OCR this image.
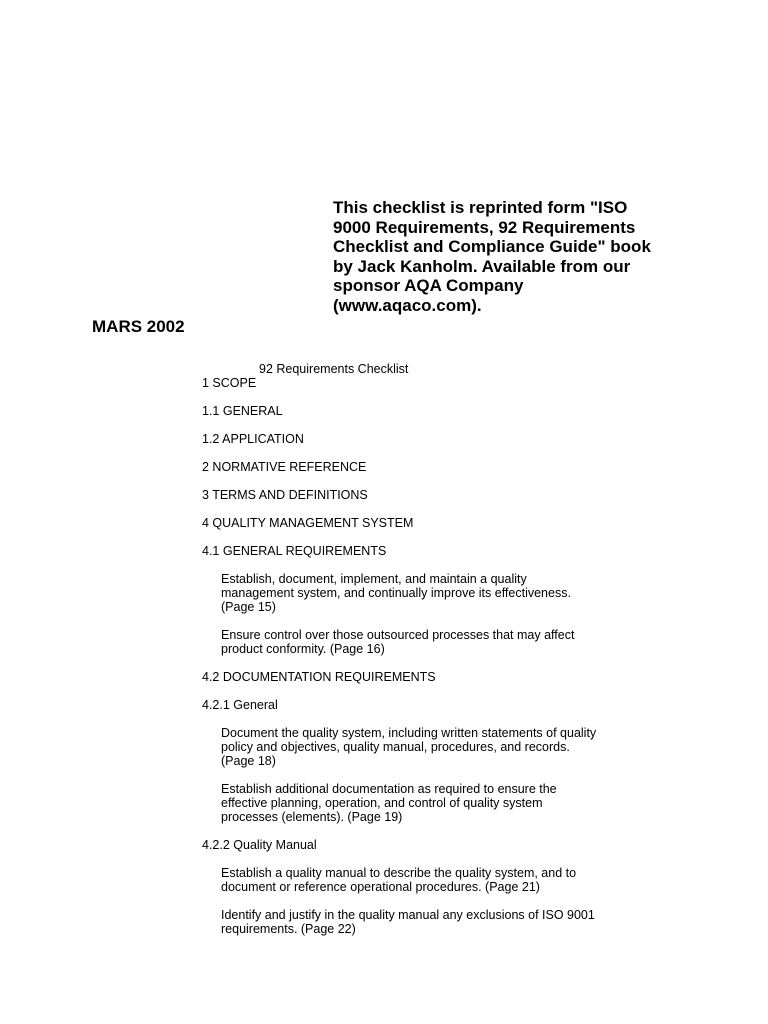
This checklist is reprinted form "ISO
9000 Requirements, 92 Requirements
Checklist and Compliance Guide" book
by Jack Kanholm. Available from our
sponsor AQA Company
(www.aqaco.com).

MARS 2002

92 Requirements Checklist

1 SCOPE

1.1 GENERAL

1.2 APPLICATION

2 NORMATIVE REFERENCE

3 TERMS AND DEFINITIONS

4 QUALITY MANAGEMENT SYSTEM

4.1 GENERAL REQUIREMENTS

Establish, document, implement, and maintain a quality
management system, and continually improve its effectiveness.
(Page 15)

Ensure control over those outsourced processes that may affect
product conformity. (Page 16)

4.2 DOCUMENTATION REQUIREMENTS

4.2.1 General

Document the quality system, including written statements of quality
policy and objectives, quality manual, procedures, and records.
(Page 18)

Establish additional documentation as required to ensure the
effective planning, operation, and control of quality system
processes (elements). (Page 19)

4.2.2 Quality Manual

Establish a quality manual to describe the quality system, and to
document or reference operational procedures. (Page 21)

Identify and justify in the quality manual any exclusions of ISO 9001
requirements. (Page 22)
